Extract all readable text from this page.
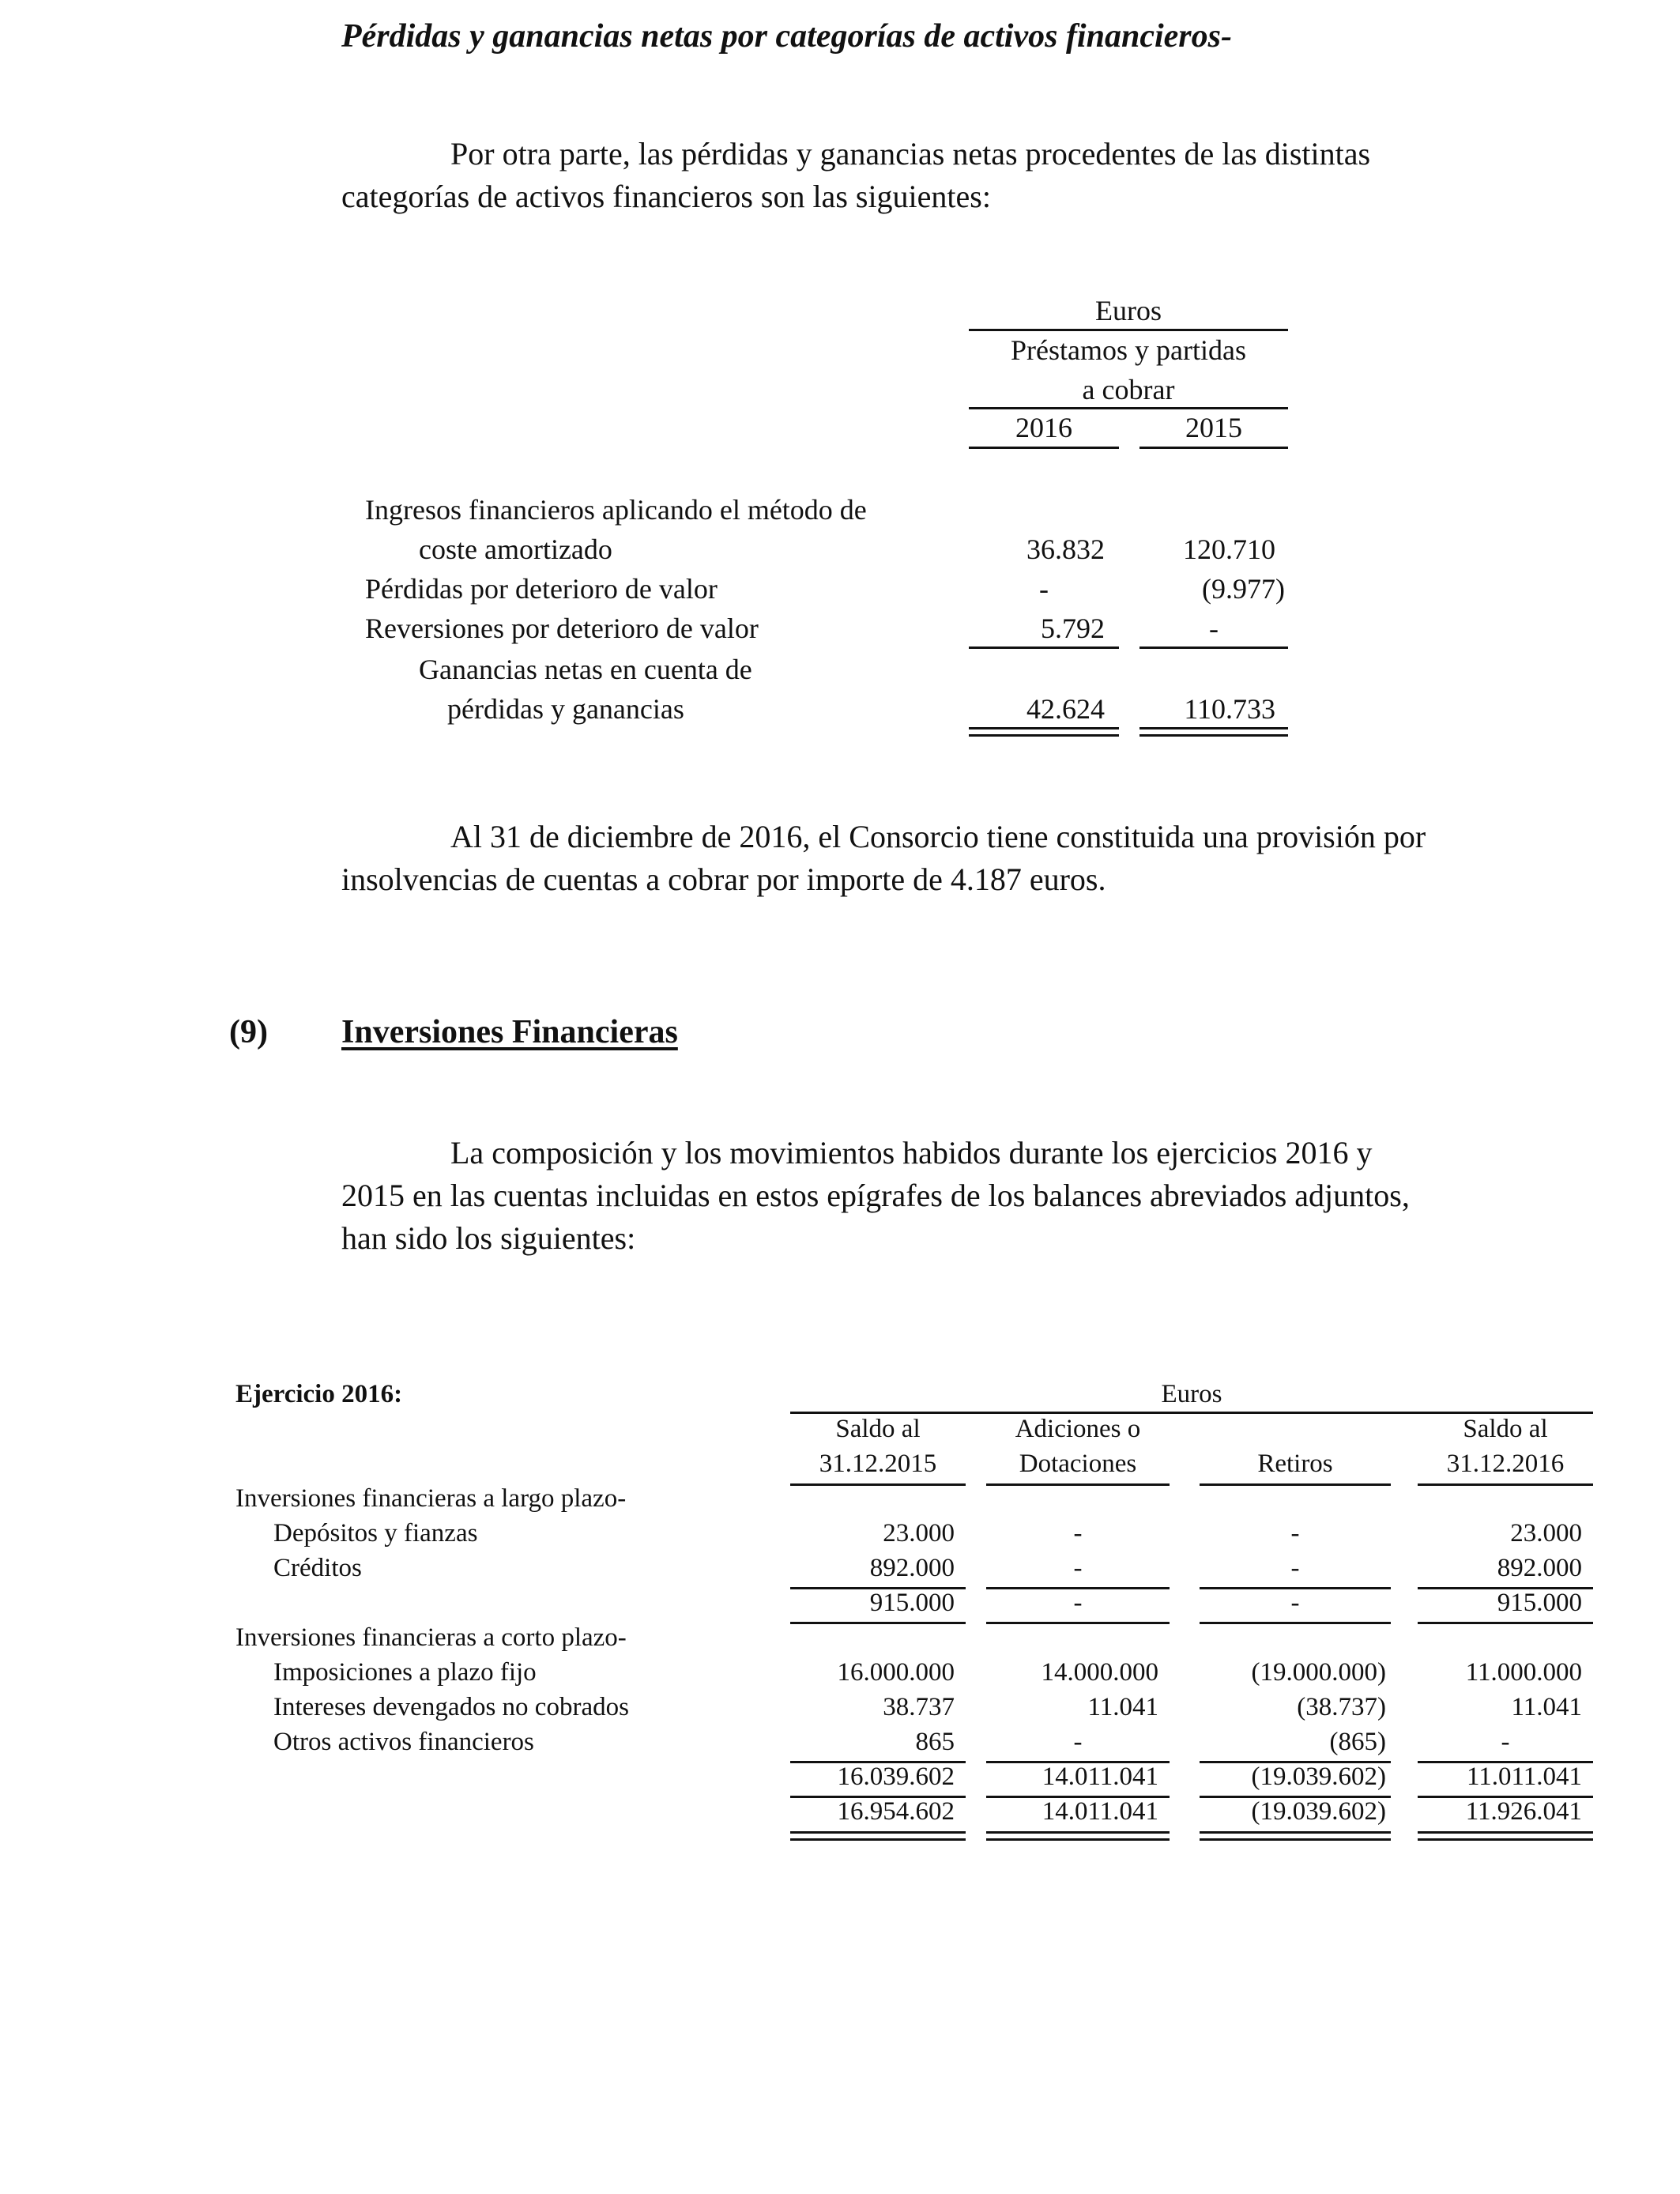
Pérdidas y ganancias netas por categorías de activos financieros-
Por otra parte, las pérdidas y ganancias netas procedentes de las distintas
categorías de activos financieros son las siguientes:
Euros
Préstamos y partidas
a cobrar
2016	2015
Ingresos financieros aplicando el método de
coste amortizado	36.832	120.710
Pérdidas por deterioro de valor	-	(9.977)
Reversiones por deterioro de valor	5.792	-
Ganancias netas en cuenta de
pérdidas y ganancias	42.624	110.733
Al 31 de diciembre de 2016, el Consorcio tiene constituida una provisión por
insolvencias de cuentas a cobrar por importe de 4.187 euros.
(9) Inversiones Financieras
La composición y los movimientos habidos durante los ejercicios 2016 y
2015 en las cuentas incluidas en estos epígrafes de los balances abreviados adjuntos,
han sido los siguientes:
Ejercicio 2016:	Euros
Saldo al
31.12.2015
Adiciones o
Dotaciones	Retiros
Saldo al
31.12.2016
Inversiones financieras a largo plazo-
Depósitos y fianzas	23.000	-	-	23.000
Créditos	892.000	-	-	892.000
915.000	-	-	915.000
Inversiones financieras a corto plazo-
Imposiciones a plazo fijo	16.000.000	14.000.000	(19.000.000)	11.000.000
Intereses devengados no cobrados	38.737	11.041	(38.737)	11.041
Otros activos financieros	865	-	(865)	-
16.039.602	14.011.041	(19.039.602)	11.011.041
16.954.602	14.011.041	(19.039.602)	11.926.041
